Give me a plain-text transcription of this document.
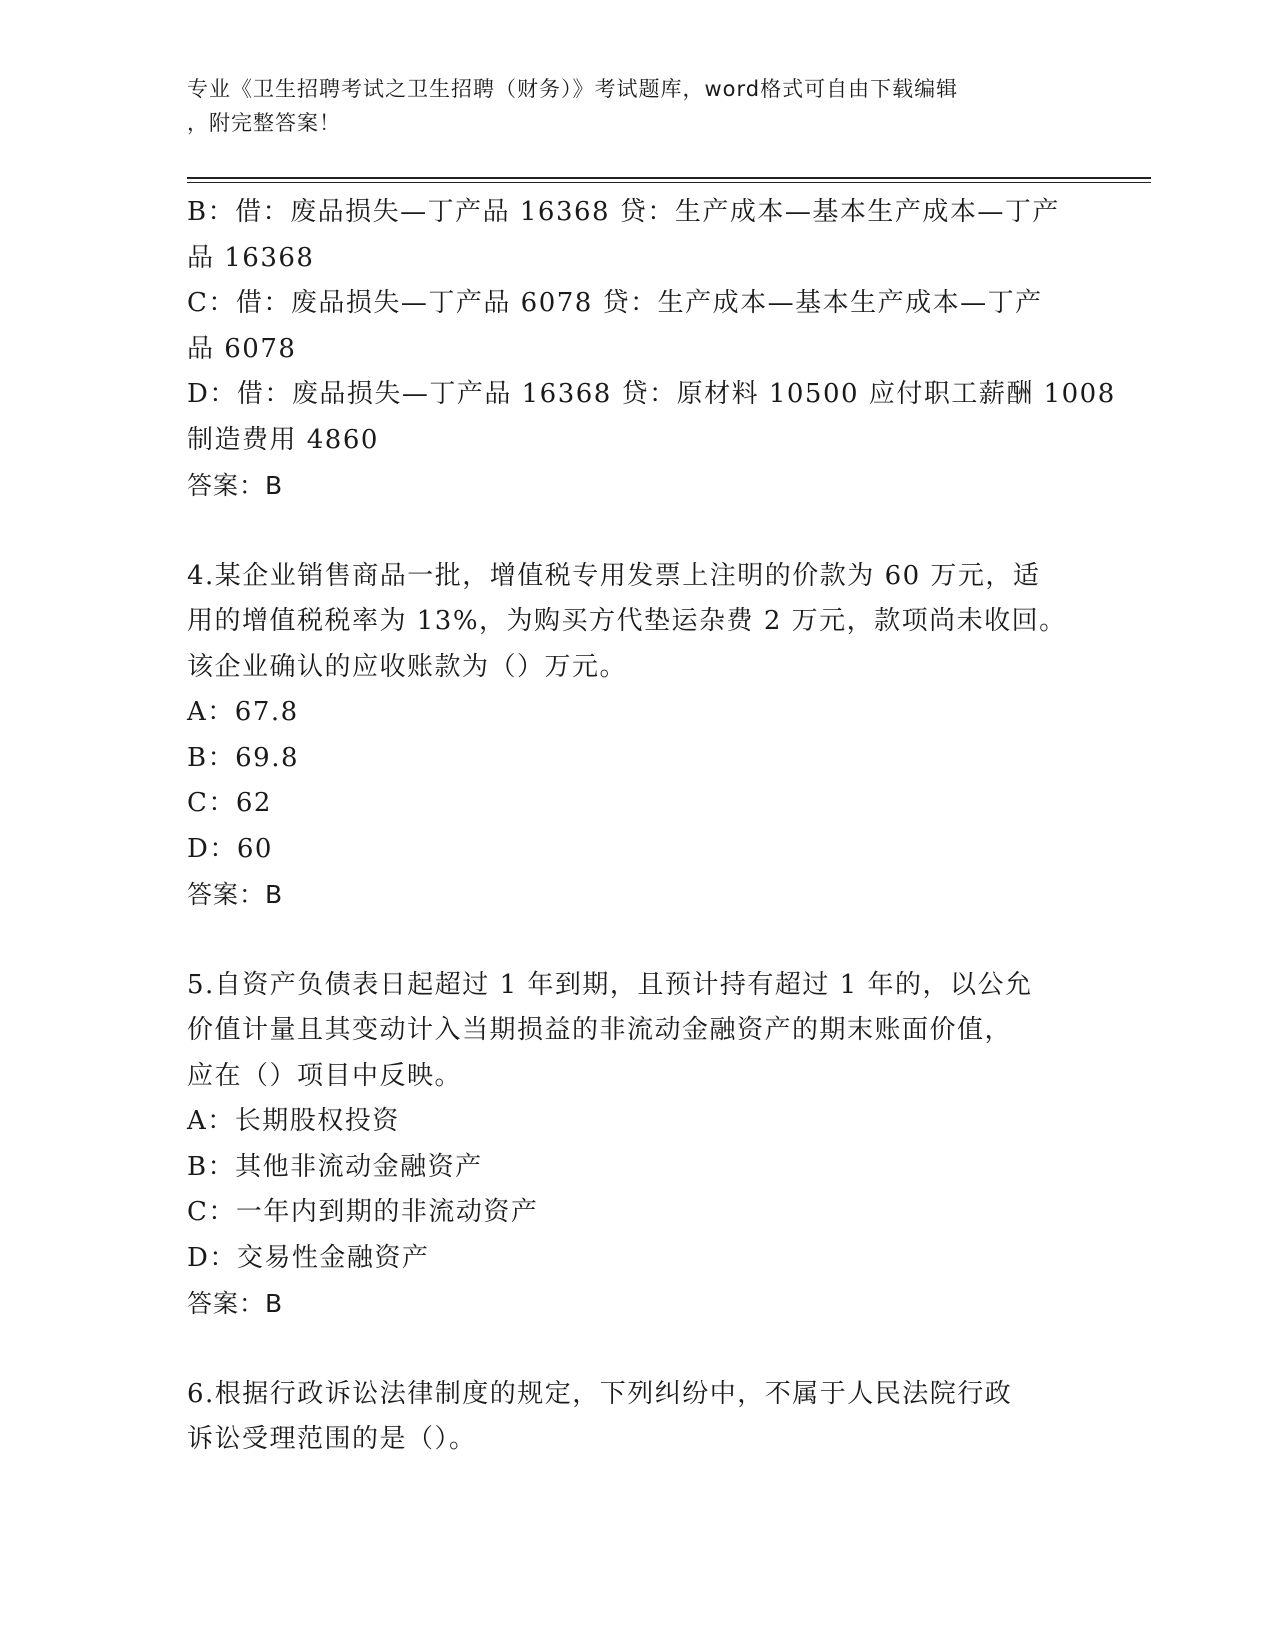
专业《卫生招聘考试之卫生招聘（财务）》考试题库，word格式可自由下载编辑
，附完整答案！
B：借：废品损失—丁产品 16368 贷：生产成本—基本生产成本—丁产
品 16368
C：借：废品损失—丁产品 6078 贷：生产成本—基本生产成本—丁产
品 6078
D：借：废品损失—丁产品 16368 贷：原材料 10500 应付职工薪酬 1008
制造费用 4860
答案：B
4.某企业销售商品一批，增值税专用发票上注明的价款为 60 万元，适
用的增值税税率为 13%，为购买方代垫运杂费 2 万元，款项尚未收回。
该企业确认的应收账款为（）万元。
A：67.8
B：69.8
C：62
D：60
答案：B
5.自资产负债表日起超过 1 年到期，且预计持有超过 1 年的，以公允
价值计量且其变动计入当期损益的非流动金融资产的期末账面价值，
应在（）项目中反映。
A：长期股权投资
B：其他非流动金融资产
C：一年内到期的非流动资产
D：交易性金融资产
答案：B
6.根据行政诉讼法律制度的规定，下列纠纷中，不属于人民法院行政
诉讼受理范围的是（）。
